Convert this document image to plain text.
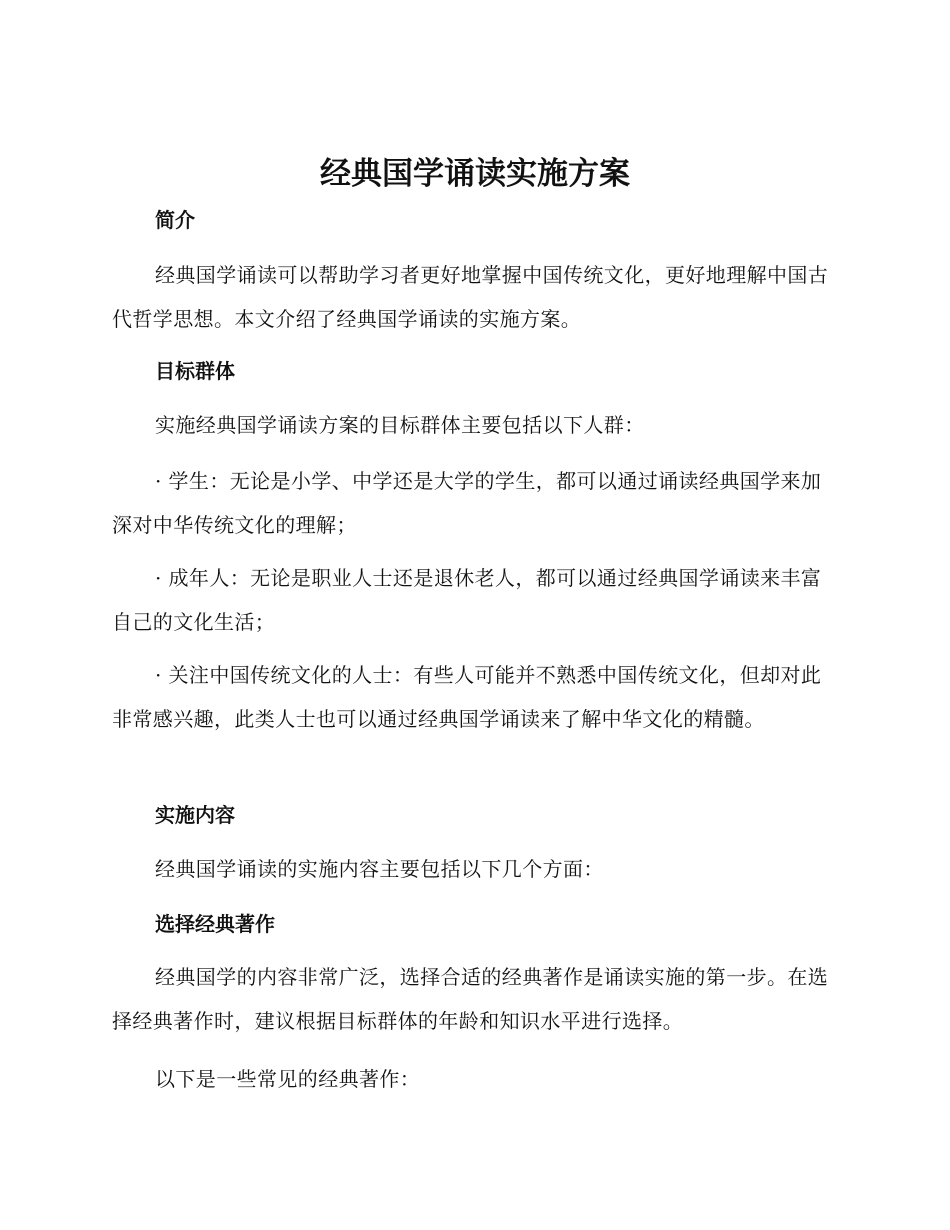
经典国学诵读实施方案
简介

经典国学诵读可以帮助学习者更好地掌握中国传统文化，更好地理解中国古代哲学思想。本文介绍了经典国学诵读的实施方案。

目标群体

实施经典国学诵读方案的目标群体主要包括以下人群：

· 学生：无论是小学、中学还是大学的学生，都可以通过诵读经典国学来加深对中华传统文化的理解；

· 成年人：无论是职业人士还是退休老人，都可以通过经典国学诵读来丰富自己的文化生活；

· 关注中国传统文化的人士：有些人可能并不熟悉中国传统文化，但却对此非常感兴趣，此类人士也可以通过经典国学诵读来了解中华文化的精髓。

实施内容

经典国学诵读的实施内容主要包括以下几个方面：

选择经典著作

经典国学的内容非常广泛，选择合适的经典著作是诵读实施的第一步。在选择经典著作时，建议根据目标群体的年龄和知识水平进行选择。

以下是一些常见的经典著作：
